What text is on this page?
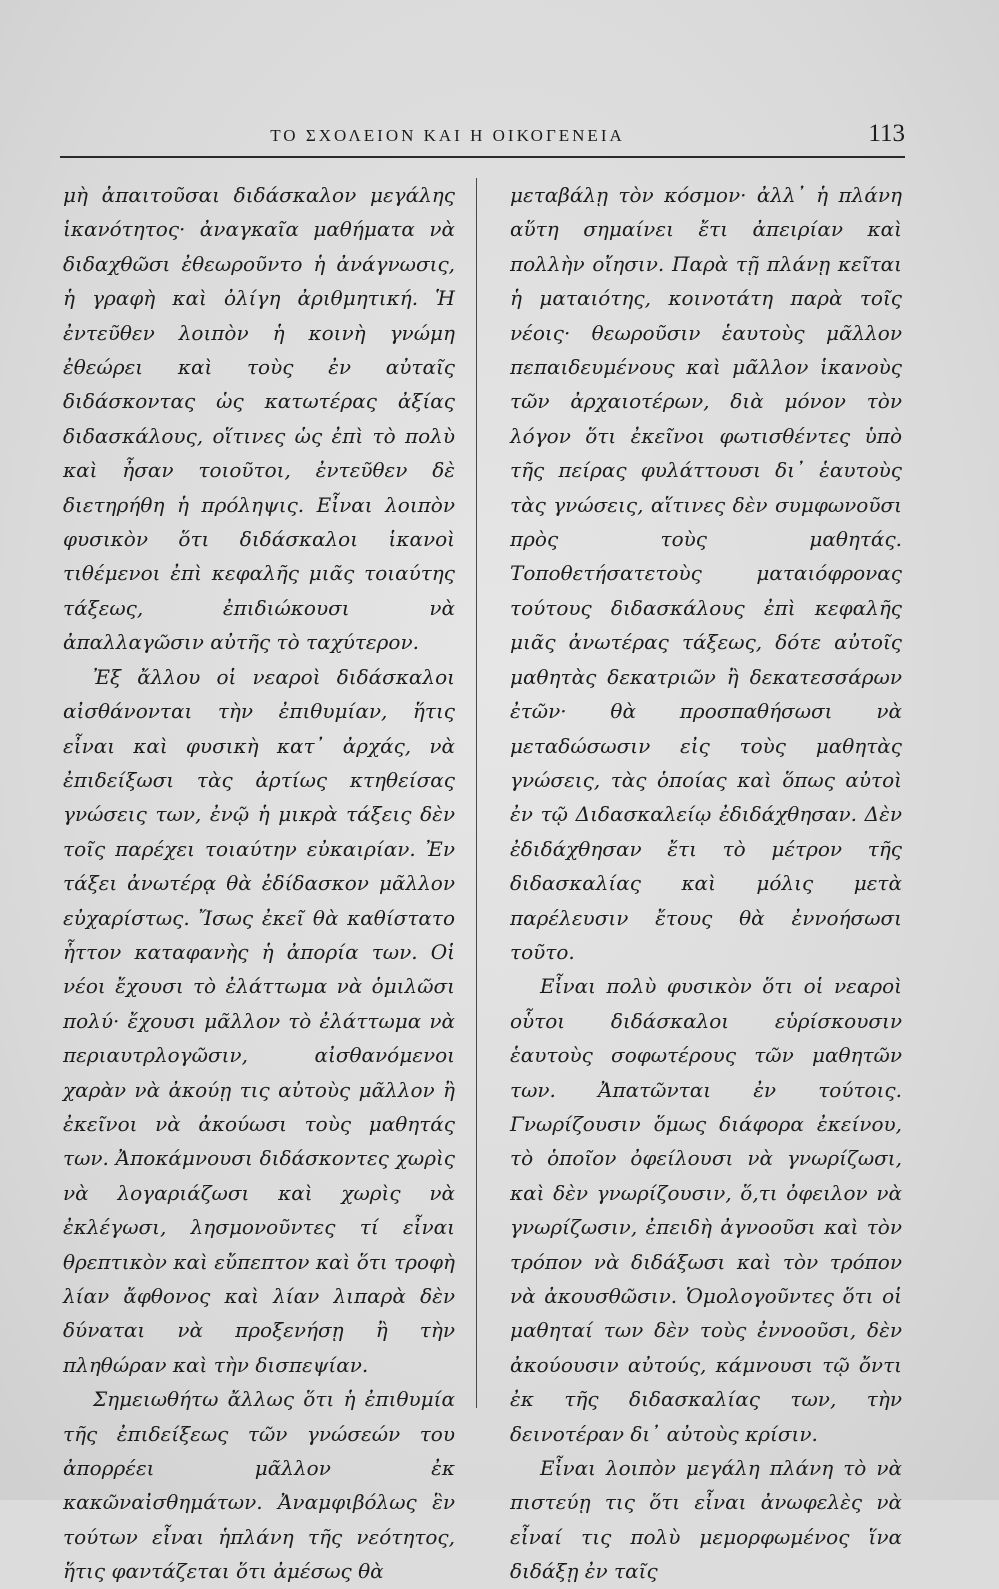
ΤΟ ΣΧΟΛΕΙΟΝ ΚΑΙ Η ΟΙΚΟΓΕΝΕΙΑ	113

μὴ ἀπαιτοῦσαι διδάσκαλον μεγάλης ἱκανότητος· ἀναγκαῖα μαθήματα νὰ διδαχθῶσι ἐθεωροῦντο ἡ ἀνάγνωσις, ἡ γραφὴ καὶ ὀλίγη ἀριθμητική. Ἡ ἐντεῦθεν λοιπὸν ἡ κοινὴ γνώμη ἐθεώρει καὶ τοὺς ἐν αὐταῖς διδάσκοντας ὡς κατωτέρας ἀξίας διδασκάλους, οἵτινες ὡς ἐπὶ τὸ πολὺ καὶ ἦσαν τοιοῦτοι, ἐντεῦθεν δὲ διετηρήθη ἡ πρόληψις. Εἶναι λοιπὸν φυσικὸν ὅτι διδάσκαλοι ἱκανοὶ τιθέμενοι ἐπὶ κεφαλῆς μιᾶς τοιαύτης τάξεως, ἐπιδιώκουσι νὰ ἀπαλλαγῶσιν αὐτῆς τὸ ταχύτερον.

Ἐξ ἄλλου οἱ νεαροὶ διδάσκαλοι αἰσθάνονται τὴν ἐπιθυμίαν, ἥτις εἶναι καὶ φυσικὴ κατ᾽ ἀρχάς, νὰ ἐπιδείξωσι τὰς ἀρτίως κτηθείσας γνώσεις των, ἐνῷ ἡ μικρὰ τάξεις δὲν τοῖς παρέχει τοιαύτην εὐκαιρίαν. Ἐν τάξει ἀνωτέρᾳ θὰ ἐδίδασκον μᾶλλον εὐχαρίστως. Ἴσως ἐκεῖ θὰ καθίστατο ἧττον καταφανὴς ἡ ἀπορία των. Οἱ νέοι ἔχουσι τὸ ἐλάττωμα νὰ ὁμιλῶσι πολύ· ἔχουσι μᾶλλον τὸ ἐλάττωμα νὰ περιαυτρλογῶσιν, αἰσθανόμενοι χαρὰν νὰ ἀκούῃ τις αὐτοὺς μᾶλλον ἢ ἐκεῖνοι νὰ ἀκούωσι τοὺς μαθητάς των. Ἀποκάμνουσι διδάσκοντες χωρὶς νὰ λογαριάζωσι καὶ χωρὶς νὰ ἐκλέγωσι, λησμονοῦντες τί εἶναι θρεπτικὸν καὶ εὔπεπτον καὶ ὅτι τροφὴ λίαν ἄφθονος καὶ λίαν λιπαρὰ δὲν δύναται νὰ προξενήσῃ ἢ τὴν πληθώραν καὶ τὴν δισπεψίαν.

Σημειωθήτω ἄλλως ὅτι ἡ ἐπιθυμία τῆς ἐπιδείξεως τῶν γνώσεών του ἀπορρέει μᾶλλον ἐκ κακῶναἰσθημάτων. Ἀναμφιβόλως ἓν τούτων εἶναι ἡπλάνη τῆς νεότητος, ἥτις φαντάζεται ὅτι ἀμέσως θὰ

μεταβάλῃ τὸν κόσμον· ἀλλ᾽ ἡ πλάνη αὕτη σημαίνει ἔτι ἀπειρίαν καὶ πολλὴν οἴησιν. Παρὰ τῇ πλάνῃ κεῖται ἡ ματαιότης, κοινοτάτη παρὰ τοῖς νέοις· θεωροῦσιν ἑαυτοὺς μᾶλλον πεπαιδευμένους καὶ μᾶλλον ἱκανοὺς τῶν ἀρχαιοτέρων, διὰ μόνον τὸν λόγον ὅτι ἐκεῖνοι φωτισθέντες ὑπὸ τῆς πείρας φυλάττουσι δι᾽ ἑαυτοὺς τὰς γνώσεις, αἵτινες δὲν συμφωνοῦσι πρὸς τοὺς μαθητάς. Τοποθετήσατετοὺς ματαιόφρονας τούτους διδασκάλους ἐπὶ κεφαλῆς μιᾶς ἀνωτέρας τάξεως, δότε αὐτοῖς μαθητὰς δεκατριῶν ἢ δεκατεσσάρων ἐτῶν· θὰ προσπαθήσωσι νὰ μεταδώσωσιν εἰς τοὺς μαθητὰς γνώσεις, τὰς ὁποίας καὶ ὅπως αὐτοὶ ἐν τῷ Διδασκαλείῳ ἐδιδάχθησαν. Δὲν ἐδιδάχθησαν ἔτι τὸ μέτρον τῆς διδασκαλίας καὶ μόλις μετὰ παρέλευσιν ἔτους θὰ ἐννοήσωσι τοῦτο.

Εἶναι πολὺ φυσικὸν ὅτι οἱ νεαροὶ οὗτοι διδάσκαλοι εὑρίσκουσιν ἑαυτοὺς σοφωτέρους τῶν μαθητῶν των. Ἀπατῶνται ἐν τούτοις. Γνωρίζουσιν ὅμως διάφορα ἐκείνου, τὸ ὁποῖον ὀφείλουσι νὰ γνωρίζωσι, καὶ δὲν γνωρίζουσιν, ὅ,τι ὀφειλον νὰ γνωρίζωσιν, ἐπειδὴ ἀγνοοῦσι καὶ τὸν τρόπον νὰ διδάξωσι καὶ τὸν τρόπον νὰ ἀκουσθῶσιν. Ὁμολογοῦντες ὅτι οἱ μαθηταί των δὲν τοὺς ἐννοοῦσι, δὲν ἀκούουσιν αὐτούς, κάμνουσι τῷ ὄντι ἐκ τῆς διδασκαλίας των, τὴν δεινοτέραν δι᾽ αὐτοὺς κρίσιν.

Εἶναι λοιπὸν μεγάλη πλάνη τὸ νὰ πιστεύῃ τις ὅτι εἶναι ἀνωφελὲς νὰ εἶναί τις πολὺ μεμορφωμένος ἵνα διδάξῃ ἐν ταῖς
